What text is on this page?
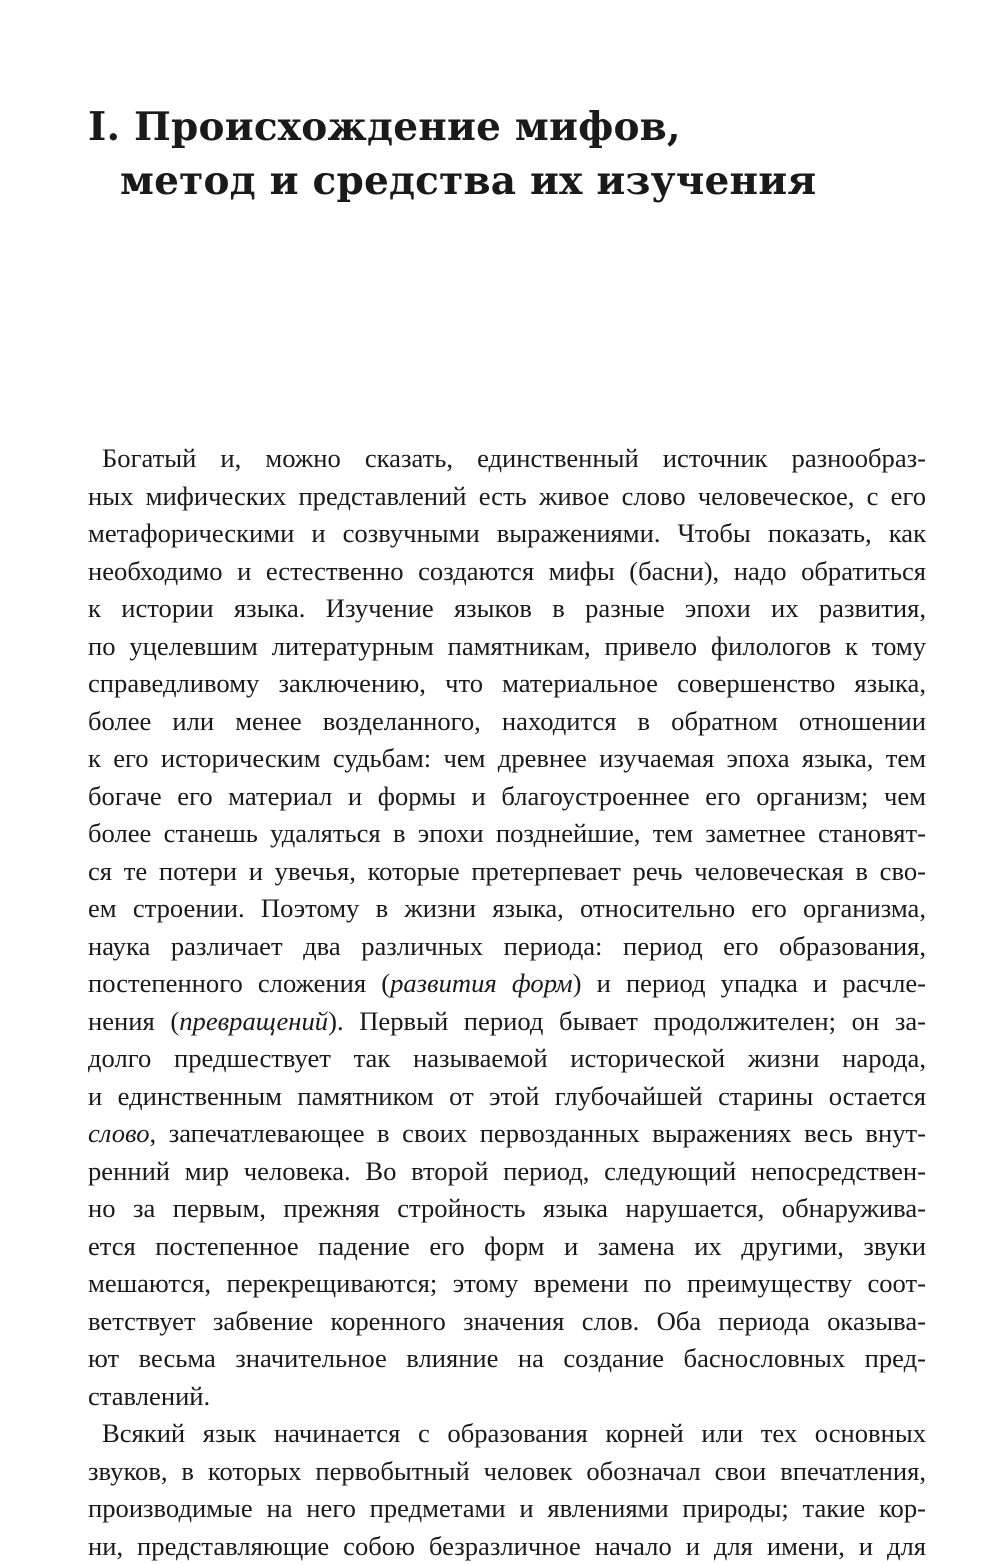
I. Происхождение мифов,
метод и средства их изучения

Богатый и, можно сказать, единственный источник разнообраз-
ных мифических представлений есть живое слово человеческое, с его
метафорическими и созвучными выражениями. Чтобы показать, как
необходимо и естественно создаются мифы (басни), надо обратиться
к истории языка. Изучение языков в разные эпохи их развития,
по уцелевшим литературным памятникам, привело филологов к тому
справедливому заключению, что материальное совершенство языка,
более или менее возделанного, находится в обратном отношении
к его историческим судьбам: чем древнее изучаемая эпоха языка, тем
богаче его материал и формы и благоустроеннее его организм; чем
более станешь удаляться в эпохи позднейшие, тем заметнее становят-
ся те потери и увечья, которые претерпевает речь человеческая в сво-
ем строении. Поэтому в жизни языка, относительно его организма,
наука различает два различных периода: период его образования,
постепенного сложения (развития форм) и период упадка и расчле-
нения (превращений). Первый период бывает продолжителен; он за-
долго предшествует так называемой исторической жизни народа,
и единственным памятником от этой глубочайшей старины остается
слово, запечатлевающее в своих первозданных выражениях весь внут-
ренний мир человека. Во второй период, следующий непосредствен-
но за первым, прежняя стройность языка нарушается, обнаружива-
ется постепенное падение его форм и замена их другими, звуки
мешаются, перекрещиваются; этому времени по преимуществу соот-
ветствует забвение коренного значения слов. Оба периода оказыва-
ют весьма значительное влияние на создание баснословных пред-
ставлений.

Всякий язык начинается с образования корней или тех основных
звуков, в которых первобытный человек обозначал свои впечатления,
производимые на него предметами и явлениями природы; такие кор-
ни, представляющие собою безразличное начало и для имени, и для
